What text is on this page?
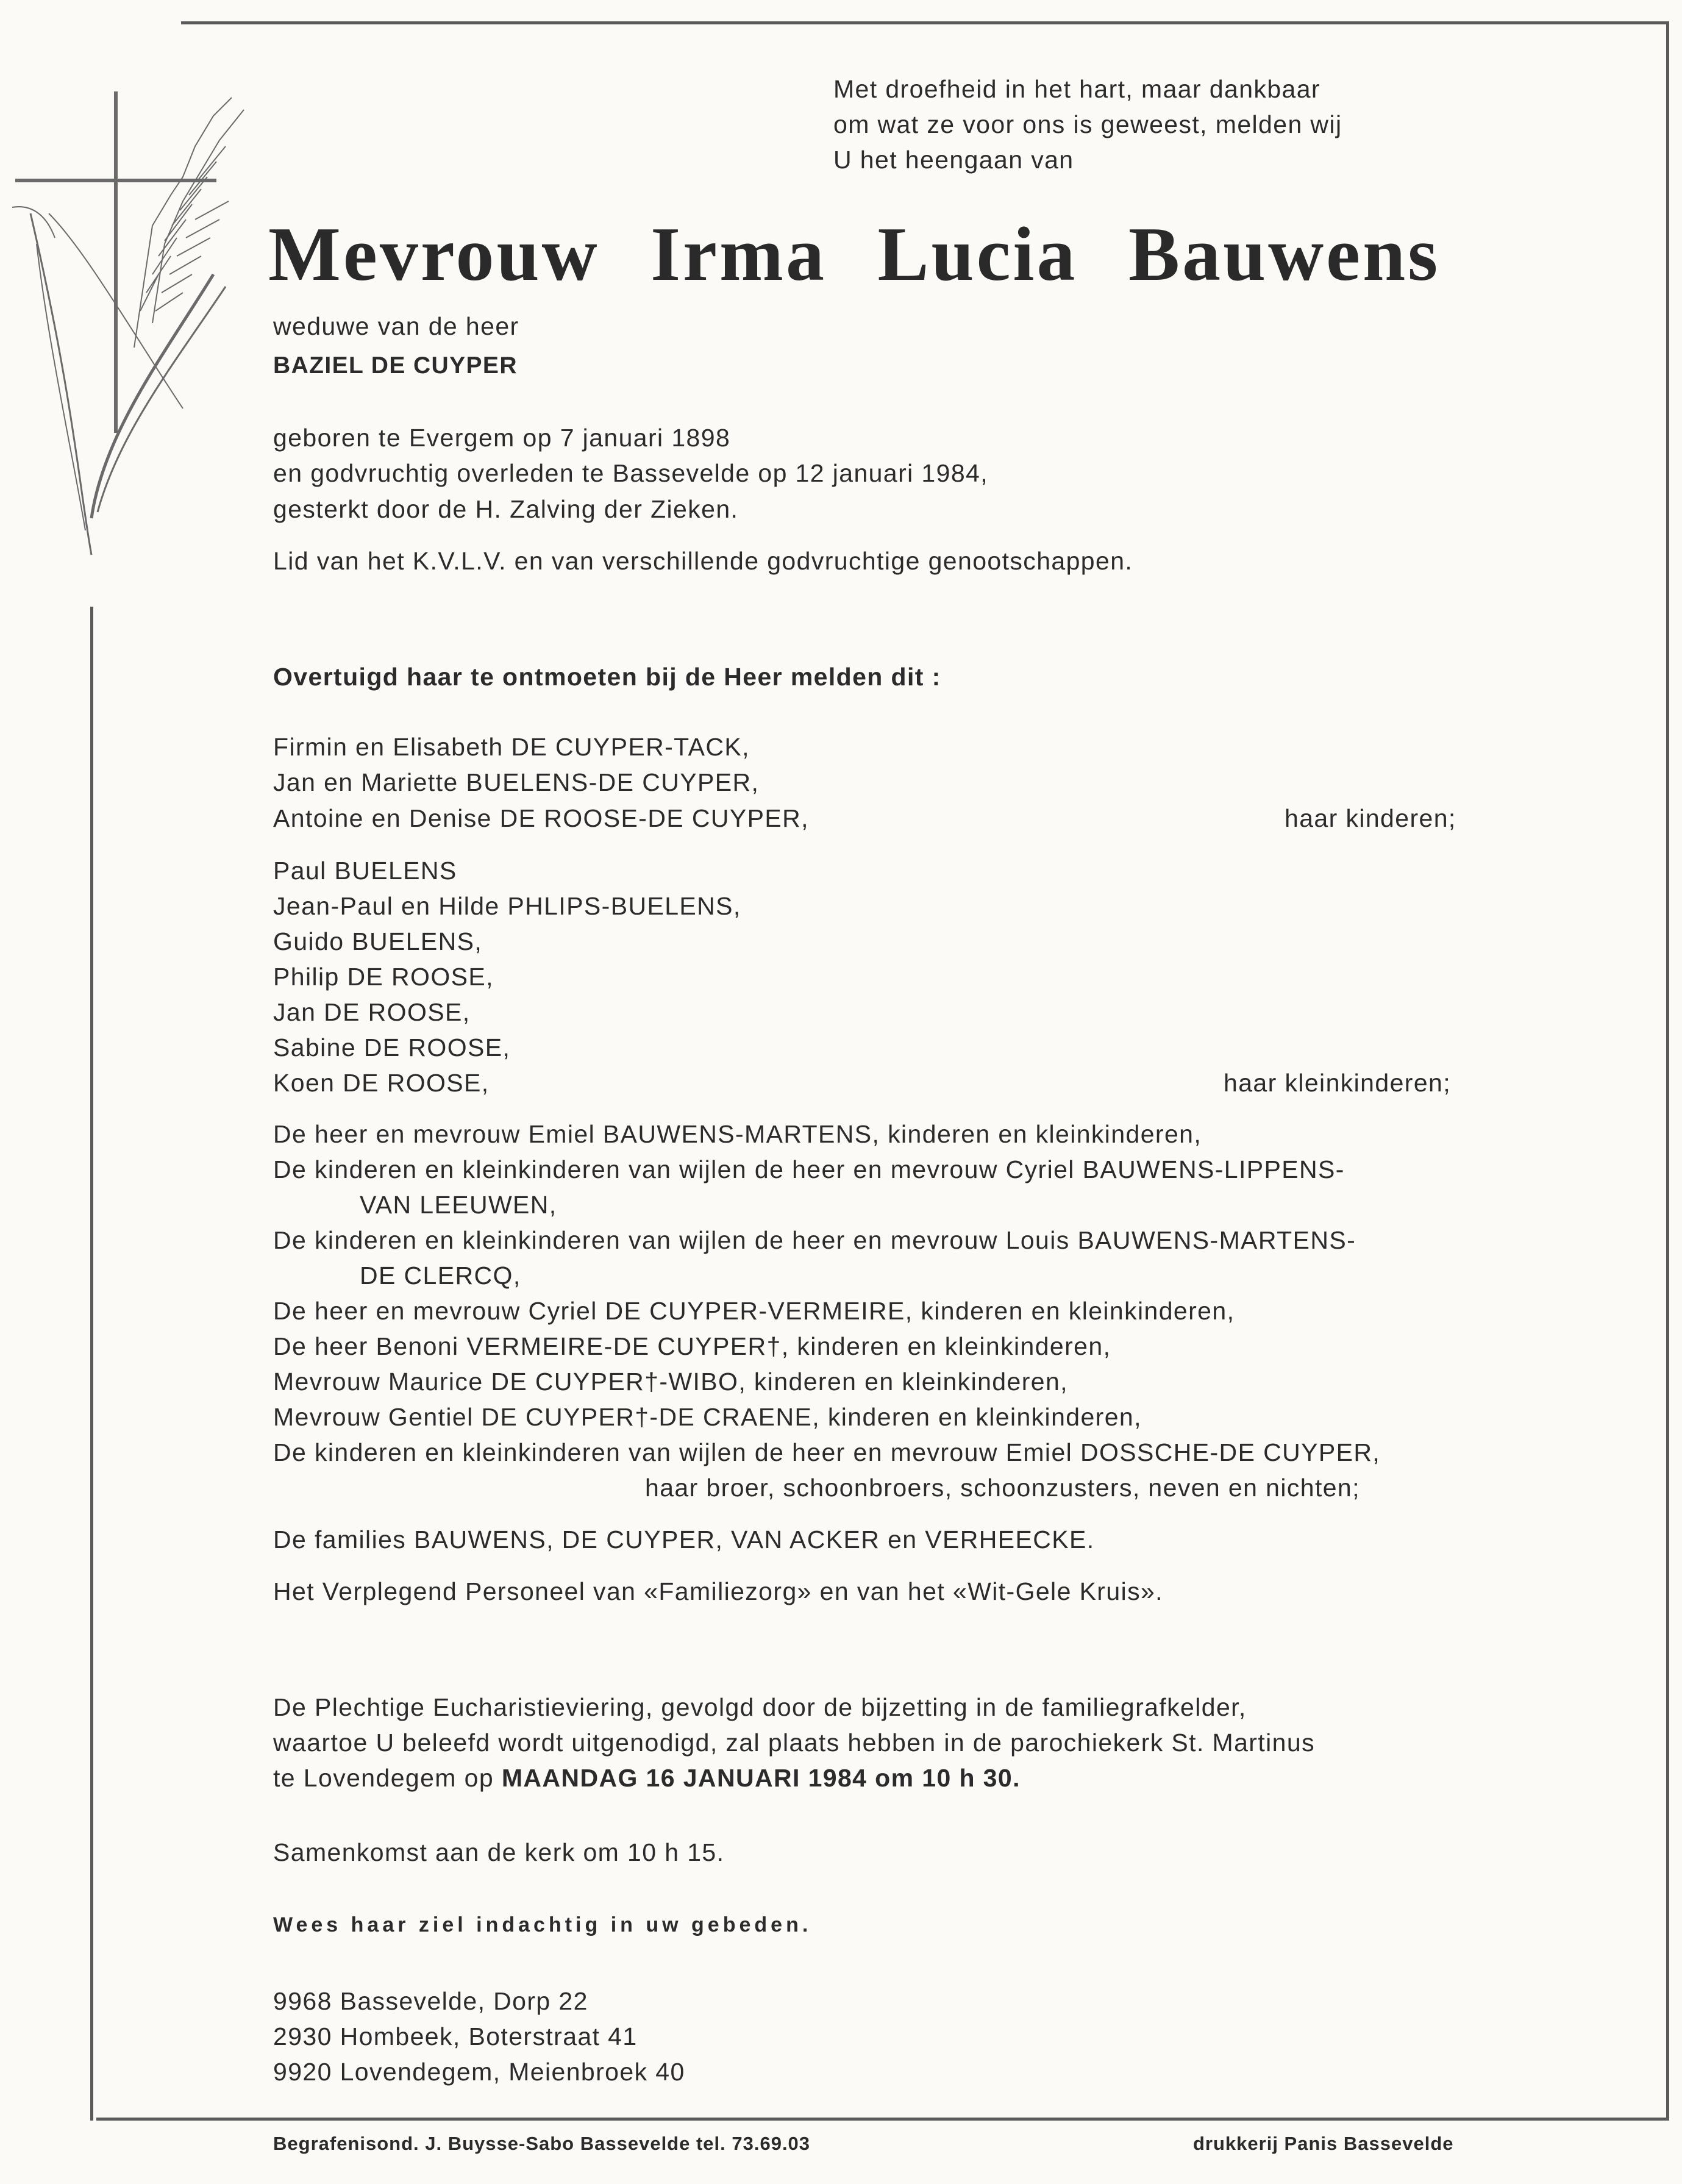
Met droefheid in het hart, maar dankbaar
om wat ze voor ons is geweest, melden wij
U het heengaan van
Mevrouw Irma Lucia Bauwens
weduwe van de heer
BAZIEL DE CUYPER
geboren te Evergem op 7 januari 1898
en godvruchtig overleden te Bassevelde op 12 januari 1984,
gesterkt door de H. Zalving der Zieken.
Lid van het K.V.L.V. en van verschillende godvruchtige genootschappen.
Overtuigd haar te ontmoeten bij de Heer melden dit :
Firmin en Elisabeth DE CUYPER-TACK,
Jan en Mariette BUELENS-DE CUYPER,
Antoine en Denise DE ROOSE-DE CUYPER,	haar kinderen;
Paul BUELENS
Jean-Paul en Hilde PHLIPS-BUELENS,
Guido BUELENS,
Philip DE ROOSE,
Jan DE ROOSE,
Sabine DE ROOSE,
Koen DE ROOSE,	haar kleinkinderen;
De heer en mevrouw Emiel BAUWENS-MARTENS, kinderen en kleinkinderen,
De kinderen en kleinkinderen van wijlen de heer en mevrouw Cyriel BAUWENS-LIPPENS-
VAN LEEUWEN,
De kinderen en kleinkinderen van wijlen de heer en mevrouw Louis BAUWENS-MARTENS-
DE CLERCQ,
De heer en mevrouw Cyriel DE CUYPER-VERMEIRE, kinderen en kleinkinderen,
De heer Benoni VERMEIRE-DE CUYPER†, kinderen en kleinkinderen,
Mevrouw Maurice DE CUYPER†-WIBO, kinderen en kleinkinderen,
Mevrouw Gentiel DE CUYPER†-DE CRAENE, kinderen en kleinkinderen,
De kinderen en kleinkinderen van wijlen de heer en mevrouw Emiel DOSSCHE-DE CUYPER,
haar broer, schoonbroers, schoonzusters, neven en nichten;
De families BAUWENS, DE CUYPER, VAN ACKER en VERHEECKE.
Het Verplegend Personeel van «Familiezorg» en van het «Wit-Gele Kruis».
De Plechtige Eucharistieviering, gevolgd door de bijzetting in de familiegrafkelder,
waartoe U beleefd wordt uitgenodigd, zal plaats hebben in de parochiekerk St. Martinus
te Lovendegem op MAANDAG 16 JANUARI 1984 om 10 h 30.
Samenkomst aan de kerk om 10 h 15.
Wees haar ziel indachtig in uw gebeden.
9968 Bassevelde, Dorp 22
2930 Hombeek, Boterstraat 41
9920 Lovendegem, Meienbroek 40
Begrafenisond. J. Buysse-Sabo Bassevelde tel. 73.69.03	drukkerij Panis Bassevelde
